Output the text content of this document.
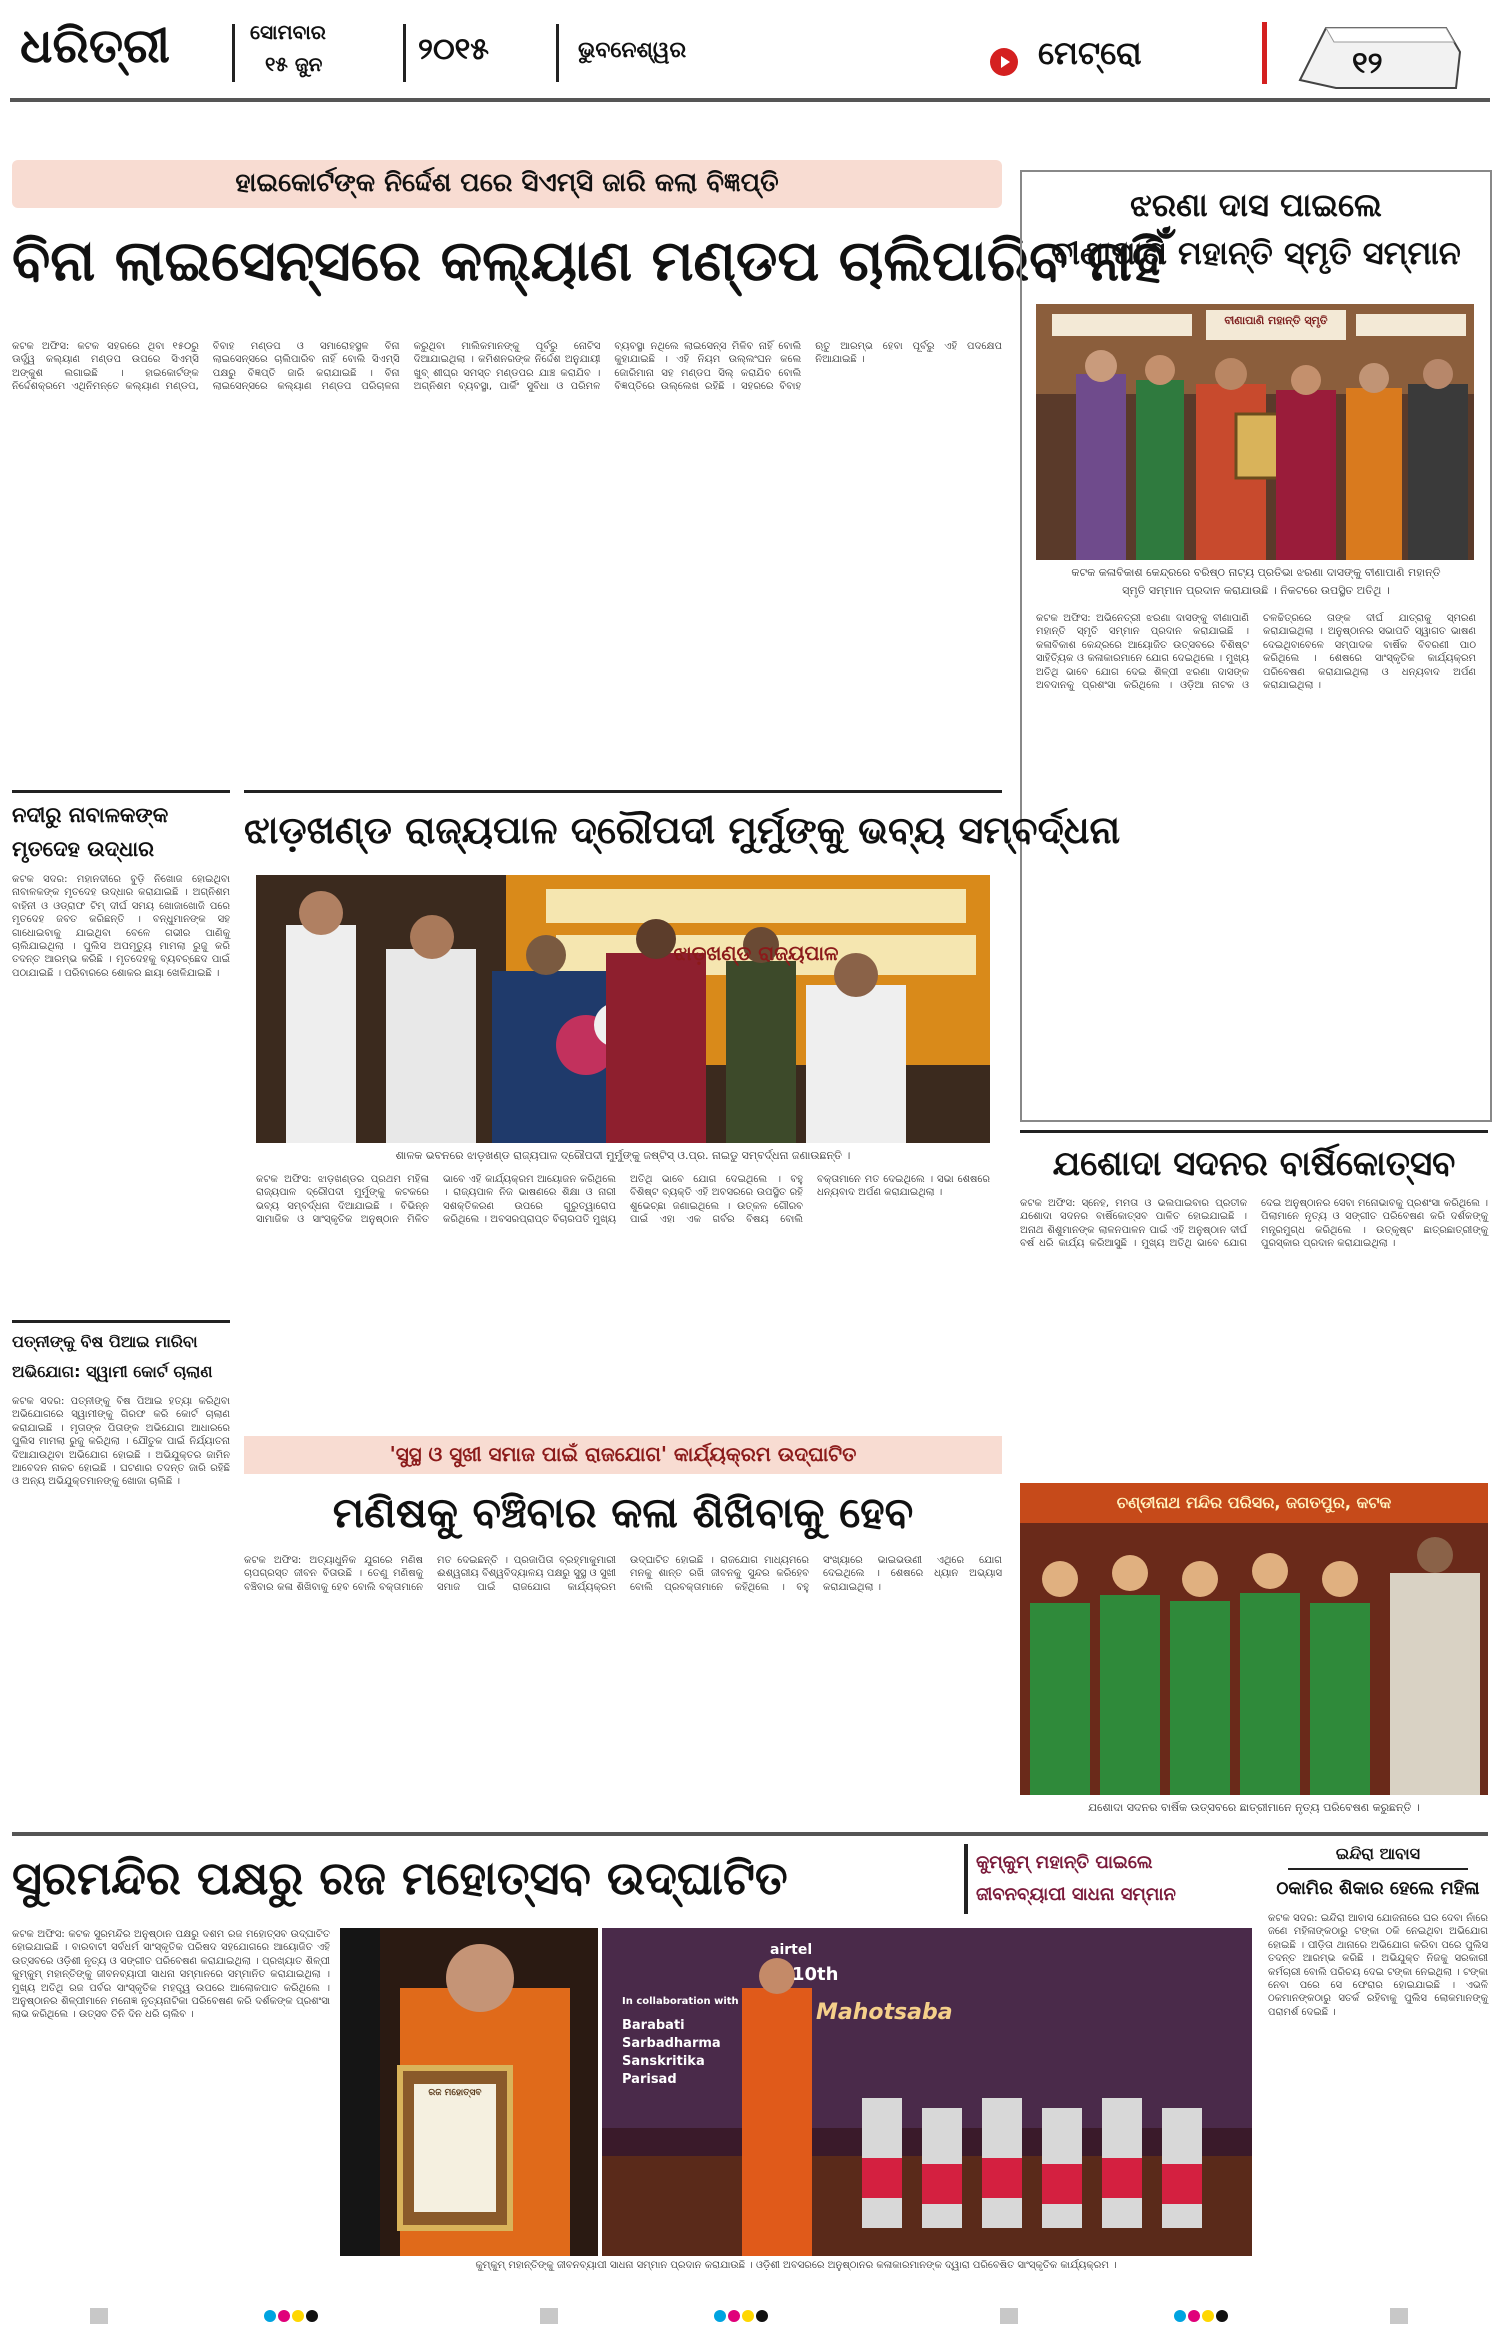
ଧରିତ୍ରୀ	ସୋମବାର
୧୫ ଜୁନ	୨୦୧୫	ଭୁବନେଶ୍ୱର	ମେଟ୍ରୋ	୧୨
ହାଇକୋର୍ଟଙ୍କ ନିର୍ଦ୍ଦେଶ ପରେ ସିଏମ୍‌ସି ଜାରି କଲା ବିଜ୍ଞପ୍ତି
ବିନା ଲାଇସେନ୍ସରେ କଲ୍ୟାଣ ମଣ୍ଡପ ଚାଲିପାରିବ ନାହିଁ
କଟକ ଅଫିସ: କଟକ ସହରରେ ଥିବା ୧୫୦ରୁ ଊର୍ଦ୍ଧ୍ୱ କଲ୍ୟାଣ ମଣ୍ଡପ ଉପରେ ସିଏମ୍‌ସି ଅଙ୍କୁଶ ଲଗାଇଛି । ହାଇକୋର୍ଟଙ୍କ ନିର୍ଦ୍ଦେଶକ୍ରମେ ଏଥିନିମନ୍ତେ କଲ୍ୟାଣ ମଣ୍ଡପ, ବିବାହ ମଣ୍ଡପ ଓ ସମାରୋହସ୍ଥଳ ବିନା ଲାଇସେନ୍ସରେ ଚାଲିପାରିବ ନାହିଁ ବୋଲି ସିଏମ୍‌ସି ପକ୍ଷରୁ ବିଜ୍ଞପ୍ତି ଜାରି କରାଯାଇଛି । ବିନା ଲାଇସେନ୍ସରେ କଲ୍ୟାଣ ମଣ୍ଡପ ପରିଚାଳନା କରୁଥିବା ମାଲିକମାନଙ୍କୁ ପୂର୍ବରୁ ନୋଟିସ ଦିଆଯାଇଥିଲା । କମିଶନରଙ୍କ ନିର୍ଦ୍ଦେଶ ଅନୁଯାୟୀ ଖୁବ୍ ଶୀଘ୍ର ସମସ୍ତ ମଣ୍ଡପର ଯାଞ୍ଚ କରାଯିବ । ଅଗ୍ନିଶମ ବ୍ୟବସ୍ଥା, ପାର୍କିଂ ସୁବିଧା ଓ ପରିମଳ ବ୍ୟବସ୍ଥା ନଥିଲେ ଲାଇସେନ୍ସ ମିଳିବ ନାହିଁ ବୋଲି କୁହାଯାଇଛି । ଏହି ନିୟମ ଉଲ୍ଲଂଘନ କଲେ ଜୋରିମାନା ସହ ମଣ୍ଡପ ସିଲ୍ କରାଯିବ ବୋଲି ବିଜ୍ଞପ୍ତିରେ ଉଲ୍ଲେଖ ରହିଛି । ସହରରେ ବିବାହ ଋତୁ ଆରମ୍ଭ ହେବା ପୂର୍ବରୁ ଏହି ପଦକ୍ଷେପ ନିଆଯାଇଛି ।
ଝରଣା ଦାସ ପାଇଲେ
ବୀଣାପାଣି ମହାନ୍ତି ସ୍ମୃତି ସମ୍ମାନ
ବୀଣାପାଣି ମହାନ୍ତି ସ୍ମୃତି
କଟକ କଳାବିକାଶ କେନ୍ଦ୍ରରେ ବରିଷ୍ଠ ନାଟ୍ୟ ପ୍ରତିଭା ଝରଣା ଦାସଙ୍କୁ ବୀଣାପାଣି ମହାନ୍ତି
ସ୍ମୃତି ସମ୍ମାନ ପ୍ରଦାନ କରାଯାଉଛି । ନିକଟରେ ଉପସ୍ଥିତ ଅତିଥି ।
କଟକ ଅଫିସ: ଅଭିନେତ୍ରୀ ଝରଣା ଦାସଙ୍କୁ ବୀଣାପାଣି ମହାନ୍ତି ସ୍ମୃତି ସମ୍ମାନ ପ୍ରଦାନ କରାଯାଇଛି । କଳାବିକାଶ କେନ୍ଦ୍ରରେ ଆୟୋଜିତ ଉତ୍ସବରେ ବିଶିଷ୍ଟ ସାହିତ୍ୟିକ ଓ କଳାକାରମାନେ ଯୋଗ ଦେଇଥିଲେ । ମୁଖ୍ୟ ଅତିଥି ଭାବେ ଯୋଗ ଦେଇ ଶିଳ୍ପୀ ଝରଣା ଦାସଙ୍କ ଅବଦାନକୁ ପ୍ରଶଂସା କରିଥିଲେ । ଓଡ଼ିଆ ନାଟକ ଓ ଚଳଚ୍ଚିତ୍ରରେ ତାଙ୍କ ଦୀର୍ଘ ଯାତ୍ରାକୁ ସ୍ମରଣ କରାଯାଇଥିଲା । ଅନୁଷ୍ଠାନର ସଭାପତି ସ୍ୱାଗତ ଭାଷଣ ଦେଇଥିବାବେଳେ ସମ୍ପାଦକ ବାର୍ଷିକ ବିବରଣୀ ପାଠ କରିଥିଲେ । ଶେଷରେ ସାଂସ୍କୃତିକ କାର୍ଯ୍ୟକ୍ରମ ପରିବେଷଣ କରାଯାଇଥିଲା ଓ ଧନ୍ୟବାଦ ଅର୍ପଣ କରାଯାଇଥିଲା ।
ନଦୀରୁ ନାବାଳକଙ୍କ
ମୃତଦେହ ଉଦ୍ଧାର
କଟକ ସଦର: ମହାନଦୀରେ ବୁଡ଼ି ନିଖୋଜ ହୋଇଥିବା ନାବାଳକଙ୍କ ମୃତଦେହ ଉଦ୍ଧାର କରାଯାଇଛି । ଅଗ୍ନିଶମ ବାହିନୀ ଓ ଓଡ୍ରାଫ ଟିମ୍ ଦୀର୍ଘ ସମୟ ଖୋଜାଖୋଜି ପରେ ମୃତଦେହ ଜବତ କରିଛନ୍ତି । ବନ୍ଧୁମାନଙ୍କ ସହ ଗାଧୋଇବାକୁ ଯାଇଥିବା ବେଳେ ଗଭୀର ପାଣିକୁ ଚାଲିଯାଇଥିଲା । ପୁଲିସ ଅପମୃତ୍ୟୁ ମାମଲା ରୁଜୁ କରି ତଦନ୍ତ ଆରମ୍ଭ କରିଛି । ମୃତଦେହକୁ ବ୍ୟବଚ୍ଛେଦ ପାଇଁ ପଠାଯାଇଛି । ପରିବାରରେ ଶୋକର ଛାୟା ଖେଳିଯାଇଛି ।
ଝାଡ଼ଖଣ୍ଡ ରାଜ୍ୟପାଳ ଦ୍ରୌପଦୀ ମୁର୍ମୁଙ୍କୁ ଭବ୍ୟ ସମ୍ବର୍ଦ୍ଧନା
ଝାଡ଼ଖଣ୍ଡ ରାଜ୍ୟପାଳ
ଶାଳକ ଭବନରେ ଝାଡ଼ଖଣ୍ଡ ରାଜ୍ୟପାଳ ଦ୍ରୌପଦୀ ମୁର୍ମୁଙ୍କୁ ଜଷ୍ଟିସ୍ ଓ.ପ୍ର. ନାଇଡୁ ସମ୍ବର୍ଦ୍ଧନା ଜଣାଉଛନ୍ତି ।
କଟକ ଅଫିସ: ଝାଡ଼ଖଣ୍ଡର ପ୍ରଥମ ମହିଳା ରାଜ୍ୟପାଳ ଦ୍ରୌପଦୀ ମୁର୍ମୁଙ୍କୁ କଟକରେ ଭବ୍ୟ ସମ୍ବର୍ଦ୍ଧନା ଦିଆଯାଇଛି । ବିଭିନ୍ନ ସାମାଜିକ ଓ ସାଂସ୍କୃତିକ ଅନୁଷ୍ଠାନ ମିଳିତ ଭାବେ ଏହି କାର୍ଯ୍ୟକ୍ରମ ଆୟୋଜନ କରିଥିଲେ । ରାଜ୍ୟପାଳ ନିଜ ଭାଷଣରେ ଶିକ୍ଷା ଓ ନାରୀ ସଶକ୍ତିକରଣ ଉପରେ ଗୁରୁତ୍ୱାରୋପ କରିଥିଲେ । ଅବସରପ୍ରାପ୍ତ ବିଚାରପତି ମୁଖ୍ୟ ଅତିଥି ଭାବେ ଯୋଗ ଦେଇଥିଲେ । ବହୁ ବିଶିଷ୍ଟ ବ୍ୟକ୍ତି ଏହି ଅବସରରେ ଉପସ୍ଥିତ ରହି ଶୁଭେଚ୍ଛା ଜଣାଇଥିଲେ । ଉତ୍କଳ ଗୌରବ ପାଇଁ ଏହା ଏକ ଗର୍ବର ବିଷୟ ବୋଲି ବକ୍ତାମାନେ ମତ ଦେଇଥିଲେ । ସଭା ଶେଷରେ ଧନ୍ୟବାଦ ଅର୍ପଣ କରାଯାଇଥିଲା ।
ଯଶୋଦା ସଦନର ବାର୍ଷିକୋତ୍ସବ
କଟକ ଅଫିସ: ସ୍ନେହ, ମମତା ଓ ଭଲପାଇବାର ପ୍ରତୀକ ଯଶୋଦା ସଦନର ବାର୍ଷିକୋତ୍ସବ ପାଳିତ ହୋଇଯାଇଛି । ଅନାଥ ଶିଶୁମାନଙ୍କ ଲାଳନପାଳନ ପାଇଁ ଏହି ଅନୁଷ୍ଠାନ ଦୀର୍ଘ ବର୍ଷ ଧରି କାର୍ଯ୍ୟ କରିଆସୁଛି । ମୁଖ୍ୟ ଅତିଥି ଭାବେ ଯୋଗ ଦେଇ ଅନୁଷ୍ଠାନର ସେବା ମନୋଭାବକୁ ପ୍ରଶଂସା କରିଥିଲେ । ପିଲାମାନେ ନୃତ୍ୟ ଓ ସଙ୍ଗୀତ ପରିବେଷଣ କରି ଦର୍ଶକଙ୍କୁ ମନ୍ତ୍ରମୁଗ୍ଧ କରିଥିଲେ । ଉତ୍କୃଷ୍ଟ ଛାତ୍ରଛାତ୍ରୀଙ୍କୁ ପୁରସ୍କାର ପ୍ରଦାନ କରାଯାଇଥିଲା ।
ଚଣ୍ଡୀନାଥ ମନ୍ଦିର ପରିସର, ଜଗତପୁର, କଟକ
ଯଶୋଦା ସଦନର ବାର୍ଷିକ ଉତ୍ସବରେ ଛାତ୍ରୀମାନେ ନୃତ୍ୟ ପରିବେଷଣ କରୁଛନ୍ତି ।
ପତ୍ନୀଙ୍କୁ ବିଷ ପିଆଇ ମାରିବା
ଅଭିଯୋଗ: ସ୍ୱାମୀ କୋର୍ଟ ଚାଲାଣ
କଟକ ସଦର: ପତ୍ନୀଙ୍କୁ ବିଷ ପିଆଇ ହତ୍ୟା କରିଥିବା ଅଭିଯୋଗରେ ସ୍ୱାମୀଙ୍କୁ ଗିରଫ କରି କୋର୍ଟ ଚାଲାଣ କରାଯାଇଛି । ମୃତାଙ୍କ ପିତାଙ୍କ ଅଭିଯୋଗ ଆଧାରରେ ପୁଲିସ ମାମଲା ରୁଜୁ କରିଥିଲା । ଯୌତୁକ ପାଇଁ ନିର୍ଯ୍ୟାତନା ଦିଆଯାଉଥିବା ଅଭିଯୋଗ ହୋଇଛି । ଅଭିଯୁକ୍ତର ଜାମିନ ଆବେଦନ ନାକଚ ହୋଇଛି । ଘଟଣାର ତଦନ୍ତ ଜାରି ରହିଛି ଓ ଅନ୍ୟ ଅଭିଯୁକ୍ତମାନଙ୍କୁ ଖୋଜା ଚାଲିଛି ।
'ସୁସ୍ଥ ଓ ସୁଖୀ ସମାଜ ପାଇଁ ରାଜଯୋଗ' କାର୍ଯ୍ୟକ୍ରମ ଉଦ୍‌ଘାଟିତ
ମଣିଷକୁ ବଞ୍ଚିବାର କଳା ଶିଖିବାକୁ ହେବ
କଟକ ଅଫିସ: ଅତ୍ୟାଧୁନିକ ଯୁଗରେ ମଣିଷ ଚାପଗ୍ରସ୍ତ ଜୀବନ ବିତାଉଛି । ତେଣୁ ମଣିଷକୁ ବଞ୍ଚିବାର କଳା ଶିଖିବାକୁ ହେବ ବୋଲି ବକ୍ତାମାନେ ମତ ଦେଇଛନ୍ତି । ପ୍ରଜାପିତା ବ୍ରହ୍ମାକୁମାରୀ ଈଶ୍ୱରୀୟ ବିଶ୍ୱବିଦ୍ୟାଳୟ ପକ୍ଷରୁ ସୁସ୍ଥ ଓ ସୁଖୀ ସମାଜ ପାଇଁ ରାଜଯୋଗ କାର୍ଯ୍ୟକ୍ରମ ଉଦ୍‌ଘାଟିତ ହୋଇଛି । ରାଜଯୋଗ ମାଧ୍ୟମରେ ମନକୁ ଶାନ୍ତ ରଖି ଜୀବନକୁ ସୁନ୍ଦର କରିହେବ ବୋଲି ପ୍ରବକ୍ତାମାନେ କହିଥିଲେ । ବହୁ ସଂଖ୍ୟାରେ ଭାଇଭଉଣୀ ଏଥିରେ ଯୋଗ ଦେଇଥିଲେ । ଶେଷରେ ଧ୍ୟାନ ଅଭ୍ୟାସ କରାଯାଇଥିଲା ।
ସୁରମନ୍ଦିର ପକ୍ଷରୁ ରଜ ମହୋତ୍ସବ ଉଦ୍‌ଘାଟିତ
କଟକ ଅଫିସ: କଟକ ସୁରମନ୍ଦିର ଅନୁଷ୍ଠାନ ପକ୍ଷରୁ ଦଶମ ରଜ ମହୋତ୍ସବ ଉଦ୍‌ଘାଟିତ ହୋଇଯାଇଛି । ବାରବାଟୀ ସର୍ବଧର୍ମ ସାଂସ୍କୃତିକ ପରିଷଦ ସହଯୋଗରେ ଆୟୋଜିତ ଏହି ଉତ୍ସବରେ ଓଡ଼ିଶୀ ନୃତ୍ୟ ଓ ସଙ୍ଗୀତ ପରିବେଷଣ କରାଯାଇଥିଲା । ପ୍ରଖ୍ୟାତ ଶିଳ୍ପୀ କୁମ୍‌କୁମ୍ ମହାନ୍ତିଙ୍କୁ ଜୀବନବ୍ୟାପୀ ସାଧନା ସମ୍ମାନରେ ସମ୍ମାନିତ କରାଯାଇଥିଲା । ମୁଖ୍ୟ ଅତିଥି ରଜ ପର୍ବର ସାଂସ୍କୃତିକ ମହତ୍ତ୍ୱ ଉପରେ ଆଲୋକପାତ କରିଥିଲେ । ଅନୁଷ୍ଠାନର ଶିଳ୍ପୀମାନେ ମନୋଜ୍ଞ ନୃତ୍ୟନାଟିକା ପରିବେଷଣ କରି ଦର୍ଶକଙ୍କ ପ୍ରଶଂସା ଲାଭ କରିଥିଲେ । ଉତ୍ସବ ତିନି ଦିନ ଧରି ଚାଲିବ ।
ରଜ ମହୋତ୍ସବ
airtel
10th
Mahotsaba
In collaboration with
Barabati
Sarbadharma
Sanskritika
Parisad
କୁମ୍‌କୁମ୍ ମହାନ୍ତିଙ୍କୁ ଜୀବନବ୍ୟାପୀ ସାଧନା ସମ୍ମାନ ପ୍ରଦାନ କରାଯାଉଛି । ଓଡ଼ିଶୀ ଅବସରରେ ଅନୁଷ୍ଠାନର କଳାକାରମାନଙ୍କ ଦ୍ୱାରା ପରିବେଷିତ ସାଂସ୍କୃତିକ କାର୍ଯ୍ୟକ୍ରମ ।
କୁମ୍‌କୁମ୍ ମହାନ୍ତି ପାଇଲେ
ଜୀବନବ୍ୟାପୀ ସାଧନା ସମ୍ମାନ
ଇନ୍ଦିରା ଆବାସ
ଠକାମିର ଶିକାର ହେଲେ ମହିଳା
କଟକ ସଦର: ଇନ୍ଦିରା ଆବାସ ଯୋଜନାରେ ଘର ଦେବା ନାଁରେ ଜଣେ ମହିଳାଙ୍କଠାରୁ ଟଙ୍କା ଠକି ନେଇଥିବା ଅଭିଯୋଗ ହୋଇଛି । ପୀଡ଼ିତା ଥାନାରେ ଅଭିଯୋଗ କରିବା ପରେ ପୁଲିସ ତଦନ୍ତ ଆରମ୍ଭ କରିଛି । ଅଭିଯୁକ୍ତ ନିଜକୁ ସରକାରୀ କର୍ମଚାରୀ ବୋଲି ପରିଚୟ ଦେଇ ଟଙ୍କା ନେଇଥିଲା । ଟଙ୍କା ନେବା ପରେ ସେ ଫେରାର ହୋଇଯାଇଛି । ଏଭଳି ଠକମାନଙ୍କଠାରୁ ସତର୍କ ରହିବାକୁ ପୁଲିସ ଲୋକମାନଙ୍କୁ ପରାମର୍ଶ ଦେଇଛି ।
